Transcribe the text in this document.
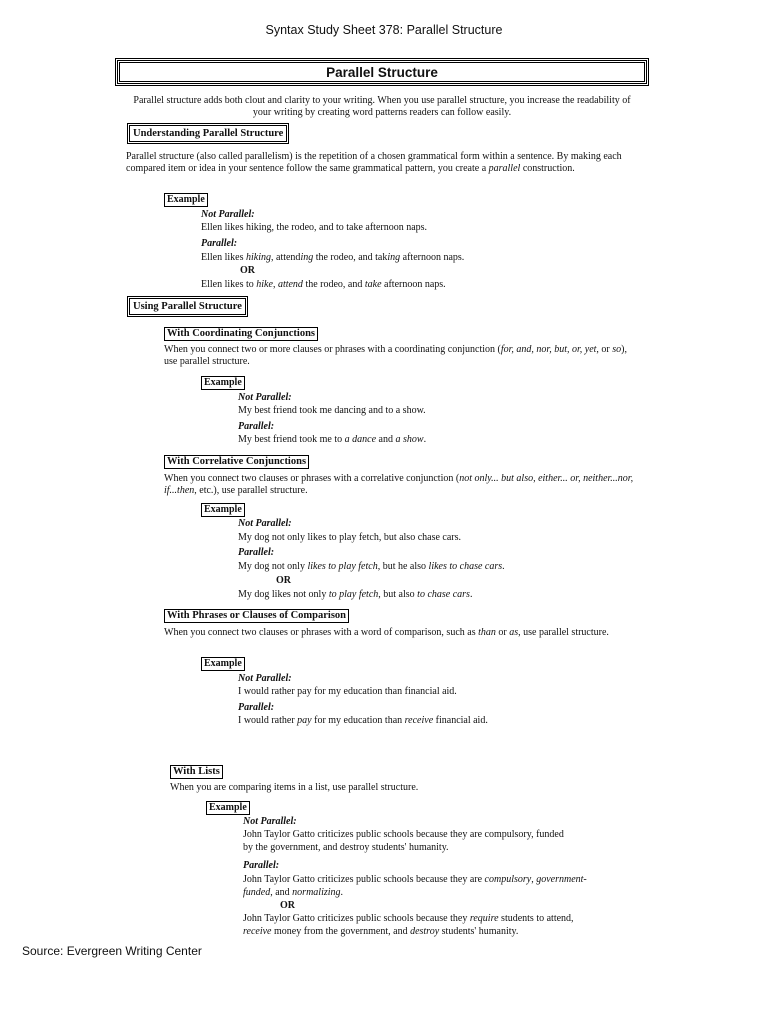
Syntax Study Sheet 378: Parallel Structure
Parallel Structure
Parallel structure adds both clout and clarity to your writing. When you use parallel structure, you increase the readability of your writing by creating word patterns readers can follow easily.
Understanding Parallel Structure
Parallel structure (also called parallelism) is the repetition of a chosen grammatical form within a sentence. By making each compared item or idea in your sentence follow the same grammatical pattern, you create a parallel construction.
Example
Not Parallel:
Ellen likes hiking, the rodeo, and to take afternoon naps.
Parallel:
Ellen likes hiking, attending the rodeo, and taking afternoon naps.
OR
Ellen likes to hike, attend the rodeo, and take afternoon naps.
Using Parallel Structure
With Coordinating Conjunctions
When you connect two or more clauses or phrases with a coordinating conjunction (for, and, nor, but, or, yet, or so), use parallel structure.
Example
Not Parallel:
My best friend took me dancing and to a show.
Parallel:
My best friend took me to a dance and a show.
With Correlative Conjunctions
When you connect two clauses or phrases with a correlative conjunction (not only... but also, either... or, neither...nor, if...then, etc.), use parallel structure.
Example
Not Parallel:
My dog not only likes to play fetch, but also chase cars.
Parallel:
My dog not only likes to play fetch, but he also likes to chase cars.
OR
My dog likes not only to play fetch, but also to chase cars.
With Phrases or Clauses of Comparison
When you connect two clauses or phrases with a word of comparison, such as than or as, use parallel structure.
Example
Not Parallel:
I would rather pay for my education than financial aid.
Parallel:
I would rather pay for my education than receive financial aid.
With Lists
When you are comparing items in a list, use parallel structure.
Example
Not Parallel:
John Taylor Gatto criticizes public schools because they are compulsory, funded
by the government, and destroy students' humanity.
Parallel:
John Taylor Gatto criticizes public schools because they are compulsory, government-
funded, and normalizing.
OR
John Taylor Gatto criticizes public schools because they require students to attend,
receive money from the government, and destroy students' humanity.
Source: Evergreen Writing Center
